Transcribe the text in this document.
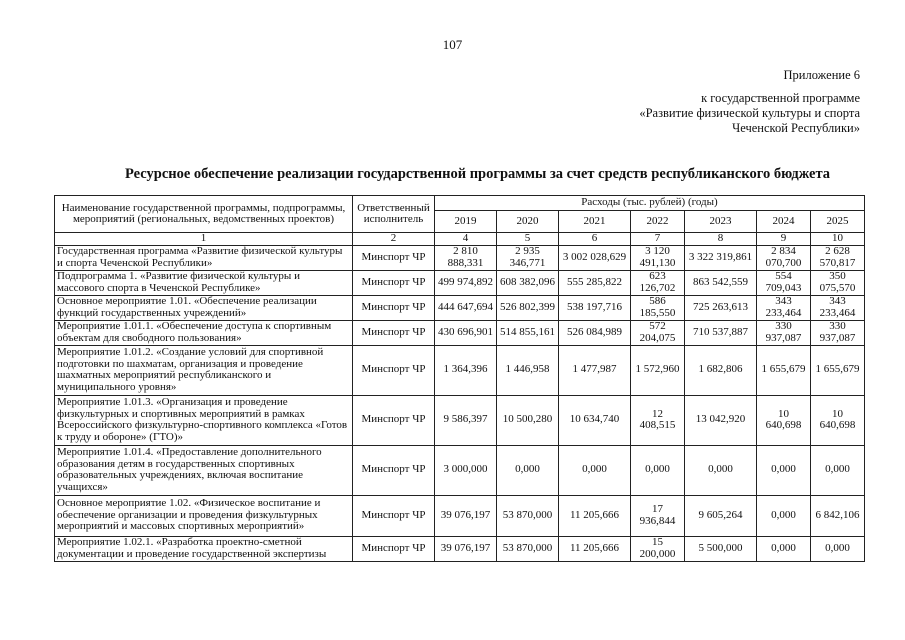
107
Приложение 6
к государственной программе
«Развитие физической культуры и спорта
Чеченской Республики»
Ресурсное обеспечение реализации государственной программы за счет средств республиканского бюджета
Наименование государственной программы, подпрограммы, мероприятий (региональных, ведомственных проектов)	Ответственный исполнитель	Расходы (тыс. рублей) (годы)						
		2019	2020	2021	2022	2023	2024	2025
1	2	4	5	6	7	8	9	10
Государственная программа «Развитие физической культуры и спорта Чеченской Республики»	Минспорт ЧР	2 810 888,331	2 935 346,771	3 002 028,629	3 120 491,130	3 322 319,861	2 834 070,700	2 628 570,817
Подпрограмма 1. «Развитие физической культуры и массового спорта в Чеченской Республике»	Минспорт ЧР	499 974,892	608 382,096	555 285,822	623 126,702	863 542,559	554 709,043	350 075,570
Основное мероприятие 1.01. «Обеспечение реализации функций государственных учреждений»	Минспорт ЧР	444 647,694	526 802,399	538 197,716	586 185,550	725 263,613	343 233,464	343 233,464
Мероприятие 1.01.1. «Обеспечение доступа к спортивным объектам для свободного пользования»	Минспорт ЧР	430 696,901	514 855,161	526 084,989	572 204,075	710 537,887	330 937,087	330 937,087
Мероприятие 1.01.2. «Создание условий для спортивной подготовки по шахматам, организация и проведение шахматных мероприятий республиканского и муниципального уровня»	Минспорт ЧР	1 364,396	1 446,958	1 477,987	1 572,960	1 682,806	1 655,679	1 655,679
Мероприятие 1.01.3. «Организация и проведение физкультурных и спортивных мероприятий в рамках Всероссийского физкультурно-спортивного комплекса «Готов к труду и обороне» (ГТО)»	Минспорт ЧР	9 586,397	10 500,280	10 634,740	12 408,515	13 042,920	10 640,698	10 640,698
Мероприятие 1.01.4. «Предоставление дополнительного образования детям в государственных спортивных образовательных учреждениях, включая воспитание учащихся»	Минспорт ЧР	3 000,000	0,000	0,000	0,000	0,000	0,000	0,000
Основное мероприятие 1.02. «Физическое воспитание и обеспечение организации и проведения физкультурных мероприятий и массовых спортивных мероприятий»	Минспорт ЧР	39 076,197	53 870,000	11 205,666	17 936,844	9 605,264	0,000	6 842,106
Мероприятие 1.02.1. «Разработка проектно-сметной документации и проведение государственной экспертизы	Минспорт ЧР	39 076,197	53 870,000	11 205,666	15 200,000	5 500,000	0,000	0,000
